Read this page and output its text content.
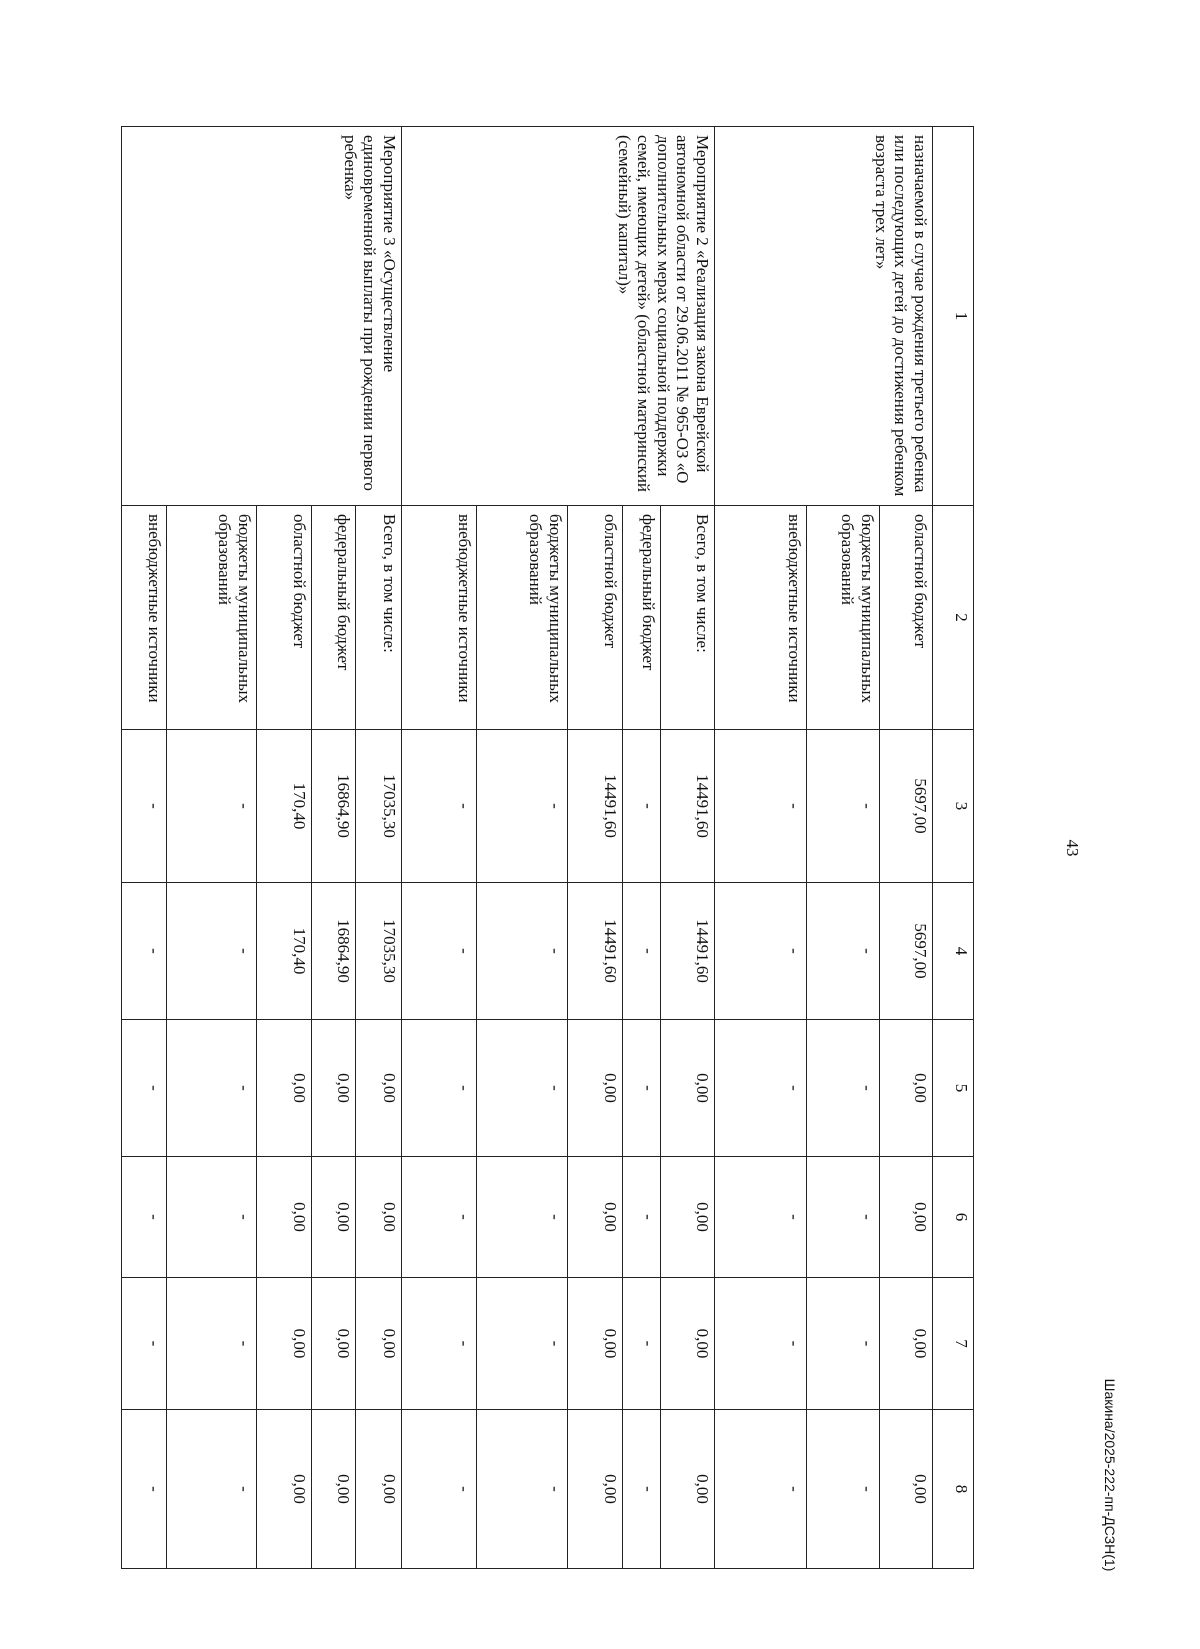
43
Шакина/2025-222-пп-ДСЗН(1)
1	2	3	4	5	6	7	8
назначаемой в случае рождения третьего ребенка или последующих детей до достижения ребенком возраста трех лет»	областной бюджет	5697,00	5697,00	0,00	0,00	0,00	0,00
	бюджеты муниципальных образований	-	-	-	-	-	-
	внебюджетные источники	-	-	-	-	-	-
Мероприятие 2 «Реализация закона Еврейской автономной области от 29.06.2011 № 965-ОЗ «О дополнительных мерах социальной поддержки семей, имеющих детей» (областной материнский (семейный) капитал)»	Всего, в том числе:	14491,60	14491,60	0,00	0,00	0,00	0,00
	федеральный бюджет	-	-	-	-	-	-
	областной бюджет	14491,60	14491,60	0,00	0,00	0,00	0,00
	бюджеты муниципальных образований	-	-	-	-	-	-
	внебюджетные источники	-	-	-	-	-	-
Мероприятие 3 «Осуществление единовременной выплаты при рождении первого ребенка»	Всего, в том числе:	17035,30	17035,30	0,00	0,00	0,00	0,00
	федеральный бюджет	16864,90	16864,90	0,00	0,00	0,00	0,00
	областной бюджет	170,40	170,40	0,00	0,00	0,00	0,00
	бюджеты муниципальных образований	-	-	-	-	-	-
	внебюджетные источники	-	-	-	-	-	-
